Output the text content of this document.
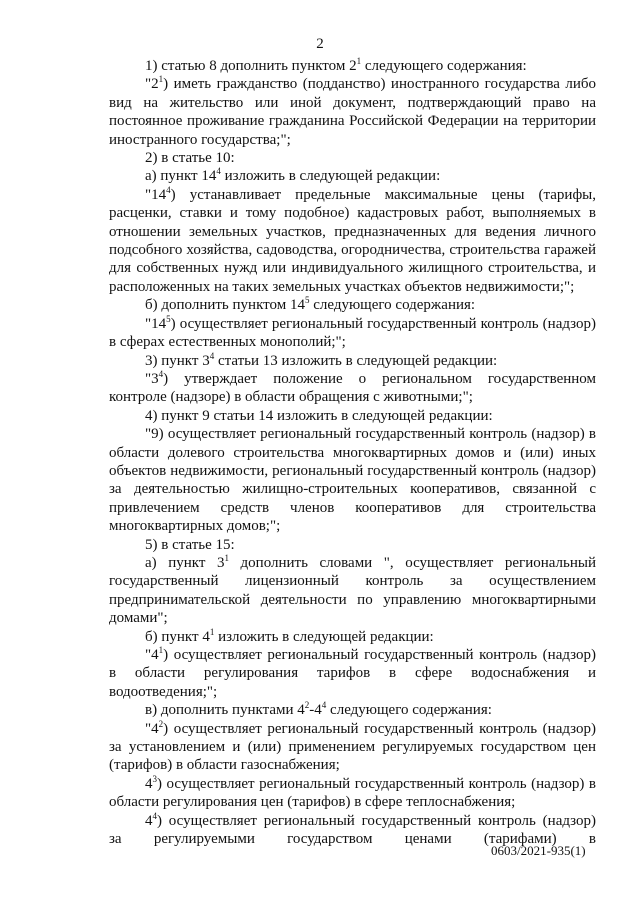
2

1) статью 8 дополнить пунктом $2^1$ следующего содержания:

"$2^1$) иметь гражданство (подданство) иностранного государства либо вид на жительство или иной документ, подтверждающий право на постоянное проживание гражданина Российской Федерации на территории иностранного государства;";

2) в статье 10:

а) пункт $14^4$ изложить в следующей редакции:

"$14^4$) устанавливает предельные максимальные цены (тарифы, расценки, ставки и тому подобное) кадастровых работ, выполняемых в отношении земельных участков, предназначенных для ведения личного подсобного хозяйства, садоводства, огородничества, строительства гаражей для собственных нужд или индивидуального жилищного строительства, и расположенных на таких земельных участках объектов недвижимости;";

б) дополнить пунктом $14^5$ следующего содержания:

"$14^5$) осуществляет региональный государственный контроль (надзор) в сферах естественных монополий;";

3) пункт $3^4$ статьи 13 изложить в следующей редакции:

"$3^4$) утверждает положение о региональном государственном контроле (надзоре) в области обращения с животными;";

4) пункт 9 статьи 14 изложить в следующей редакции:

"9) осуществляет региональный государственный контроль (надзор) в области долевого строительства многоквартирных домов и (или) иных объектов недвижимости, региональный государственный контроль (надзор) за деятельностью жилищно-строительных кооперативов, связанной с привлечением средств членов кооперативов для строительства многоквартирных домов;";

5) в статье 15:

а) пункт $3^1$ дополнить словами ", осуществляет региональный государственный лицензионный контроль за осуществлением предпринимательской деятельности по управлению многоквартирными домами";

б) пункт $4^1$ изложить в следующей редакции:

"$4^1$) осуществляет региональный государственный контроль (надзор) в области регулирования тарифов в сфере водоснабжения и водоотведения;";

в) дополнить пунктами $4^2-4^4$ следующего содержания:

"$4^2$) осуществляет региональный государственный контроль (надзор) за установлением и (или) применением регулируемых государством цен (тарифов) в области газоснабжения;

$4^3$) осуществляет региональный государственный контроль (надзор) в области регулирования цен (тарифов) в сфере теплоснабжения;

$4^4$) осуществляет региональный государственный контроль (надзор) за регулируемыми государством ценами (тарифами) в

0603/2021-935(1)
